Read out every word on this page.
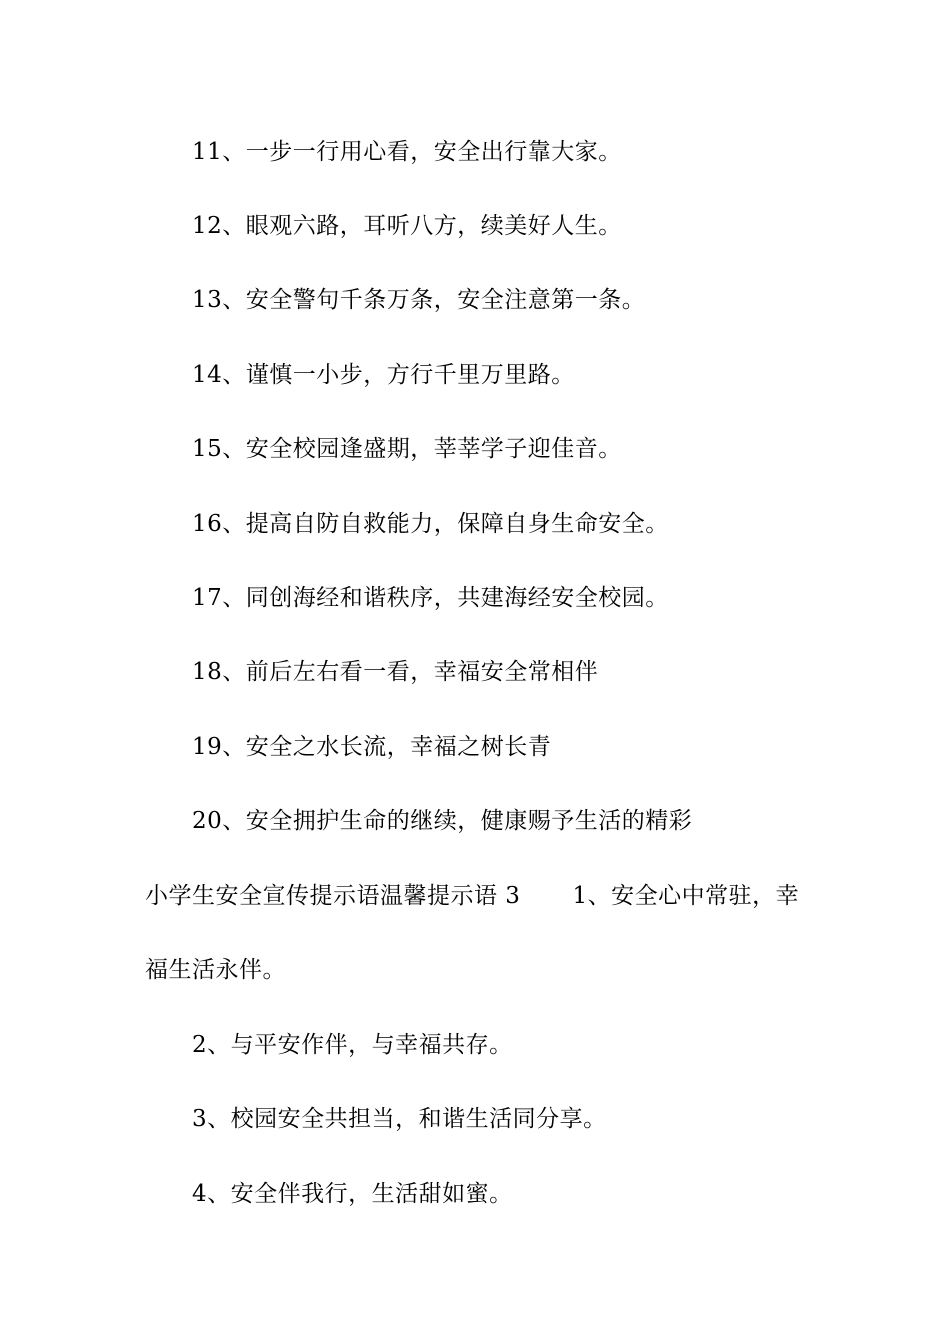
11、一步一行用心看，安全出行靠大家。
12、眼观六路，耳听八方，续美好人生。
13、安全警句千条万条，安全注意第一条。
14、谨慎一小步，方行千里万里路。
15、安全校园逢盛期，莘莘学子迎佳音。
16、提高自防自救能力，保障自身生命安全。
17、同创海经和谐秩序，共建海经安全校园。
18、前后左右看一看，幸福安全常相伴
19、安全之水长流，幸福之树长青
20、安全拥护生命的继续，健康赐予生活的精彩
小学生安全宣传提示语温馨提示语 3 1、安全心中常驻，幸
福生活永伴。
2、与平安作伴，与幸福共存。
3、校园安全共担当，和谐生活同分享。
4、安全伴我行，生活甜如蜜。
